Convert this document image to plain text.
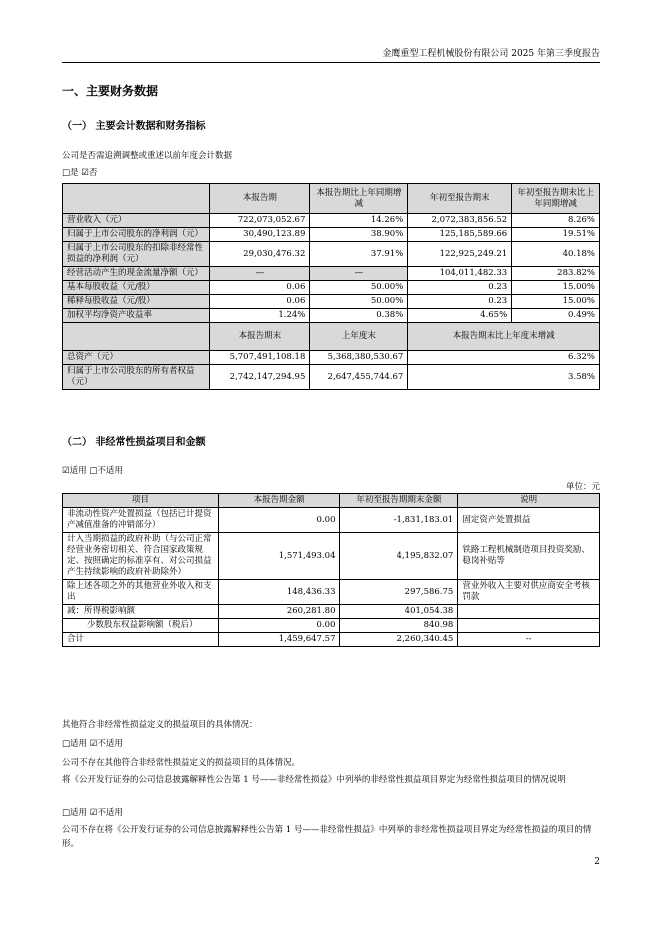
金鹰重型工程机械股份有限公司 2025 年第三季度报告
一、主要财务数据
（一） 主要会计数据和财务指标
公司是否需追溯调整或重述以前年度会计数据
□是 ☑否
	本报告期	本报告期比上年同期增减	年初至报告期末	年初至报告期末比上年同期增减
营业收入（元）	722,073,052.67	14.26%	2,072,383,856.52	8.26%
归属于上市公司股东的净利润（元）	30,490,123.89	38.90%	125,185,589.66	19.51%
归属于上市公司股东的扣除非经常性损益的净利润（元）	29,030,476.32	37.91%	122,925,249.21	40.18%
经营活动产生的现金流量净额（元）	—	—	104,011,482.33	283.82%
基本每股收益（元/股）	0.06	50.00%	0.23	15.00%
稀释每股收益（元/股）	0.06	50.00%	0.23	15.00%
加权平均净资产收益率	1.24%	0.38%	4.65%	0.49%
	本报告期末	上年度末	本报告期末比上年度末增减	
总资产（元）	5,707,491,108.18	5,368,380,530.67	6.32%	
归属于上市公司股东的所有者权益（元）	2,742,147,294.95	2,647,455,744.67	3.58%	
（二） 非经常性损益项目和金额
☑适用 □不适用
单位：元
项目	本报告期金额	年初至报告期期末金额	说明
非流动性资产处置损益（包括已计提资产减值准备的冲销部分）	0.00	-1,831,183.01	固定资产处置损益
计入当期损益的政府补助（与公司正常经营业务密切相关、符合国家政策规定、按照确定的标准享有、对公司损益产生持续影响的政府补助除外）	1,571,493.04	4,195,832.07	铁路工程机械制造项目投资奖励、稳岗补贴等
除上述各项之外的其他营业外收入和支出	148,436.33	297,586.75	营业外收入主要对供应商安全考核罚款
减：所得税影响额	260,281.80	401,054.38	
少数股东权益影响额（税后）	0.00	840.98	
合计	1,459,647.57	2,260,340.45	--
其他符合非经常性损益定义的损益项目的具体情况：
□适用 ☑不适用
公司不存在其他符合非经常性损益定义的损益项目的具体情况。
将《公开发行证券的公司信息披露解释性公告第 1 号——非经常性损益》中列举的非经常性损益项目界定为经常性损益项目的情况说明
□适用 ☑不适用
公司不存在将《公开发行证券的公司信息披露解释性公告第 1 号——非经常性损益》中列举的非经常性损益项目界定为经常性损益的项目的情形。
2
